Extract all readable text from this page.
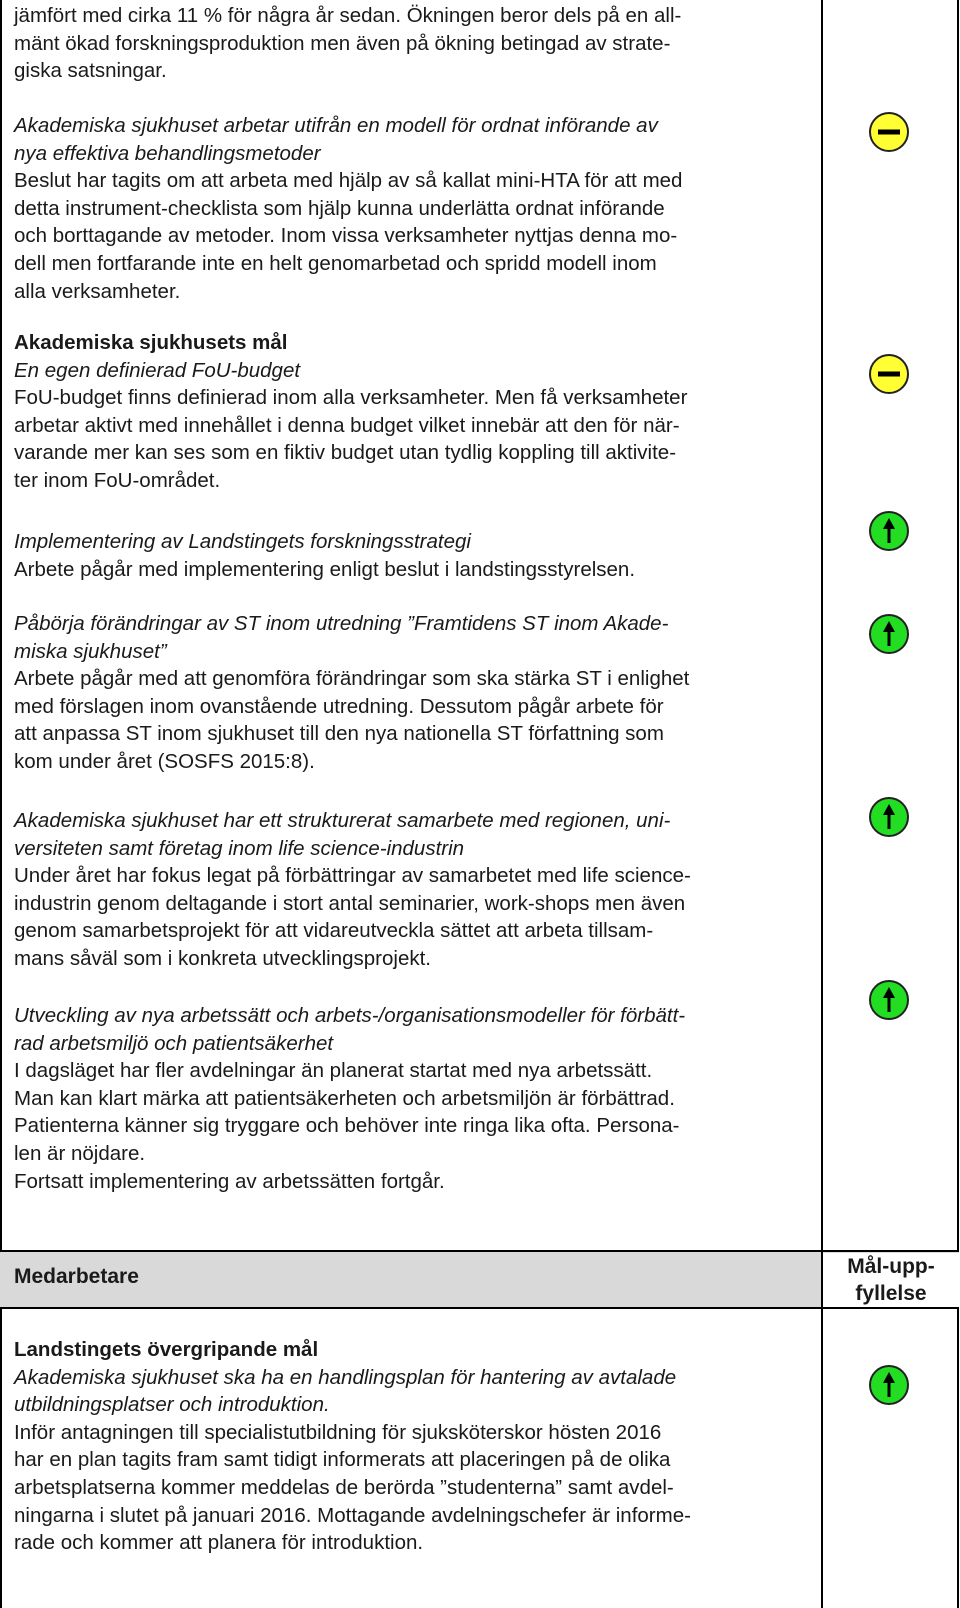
jämfört med cirka 11 % för några år sedan. Ökningen beror dels på en all-

mänt ökad forskningsproduktion men även på ökning betingad av strate-

giska satsningar.

Akademiska sjukhuset arbetar utifrån en modell för ordnat införande av

nya effektiva behandlingsmetoder

Beslut har tagits om att arbeta med hjälp av så kallat mini-HTA för att med

detta instrument-checklista som hjälp kunna underlätta ordnat införande

och borttagande av metoder. Inom vissa verksamheter nyttjas denna mo-

dell men fortfarande inte en helt genomarbetad och spridd modell inom

alla verksamheter.

Akademiska sjukhusets mål

En egen definierad FoU-budget

FoU-budget finns definierad inom alla verksamheter. Men få verksamheter

arbetar aktivt med innehållet i denna budget vilket innebär att den för när-

varande mer kan ses som en fiktiv budget utan tydlig koppling till aktivite-

ter inom FoU-området.

Implementering av Landstingets forskningsstrategi

Arbete pågår med implementering enligt beslut i landstingsstyrelsen.

Påbörja förändringar av ST inom utredning ”Framtidens ST inom Akade-

miska sjukhuset”

Arbete pågår med att genomföra förändringar som ska stärka ST i enlighet

med förslagen inom ovanstående utredning. Dessutom pågår arbete för

att anpassa ST inom sjukhuset till den nya nationella ST författning som

kom under året (SOSFS 2015:8).

Akademiska sjukhuset har ett strukturerat samarbete med regionen, uni-

versiteten samt företag inom life science-industrin

Under året har fokus legat på förbättringar av samarbetet med life science-

industrin genom deltagande i stort antal seminarier, work-shops men även

genom samarbetsprojekt för att vidareutveckla sättet att arbeta tillsam-

mans såväl som i konkreta utvecklingsprojekt.

Utveckling av nya arbetssätt och arbets-/organisationsmodeller för förbätt-

rad arbetsmiljö och patientsäkerhet

I dagsläget har fler avdelningar än planerat startat med nya arbetssätt.

Man kan klart märka att patientsäkerheten och arbetsmiljön är förbättrad.

Patienterna känner sig tryggare och behöver inte ringa lika ofta. Persona-

len är nöjdare.

Fortsatt implementering av arbetssätten fortgår.

Medarbetare	Mål-upp-
fyllelse

Landstingets övergripande mål

Akademiska sjukhuset ska ha en handlingsplan för hantering av avtalade

utbildningsplatser och introduktion.

Inför antagningen till specialistutbildning för sjuksköterskor hösten 2016

har en plan tagits fram samt tidigt informerats att placeringen på de olika

arbetsplatserna kommer meddelas de berörda ”studenterna” samt avdel-

ningarna i slutet på januari 2016. Mottagande avdelningschefer är informe-

rade och kommer att planera för introduktion.
